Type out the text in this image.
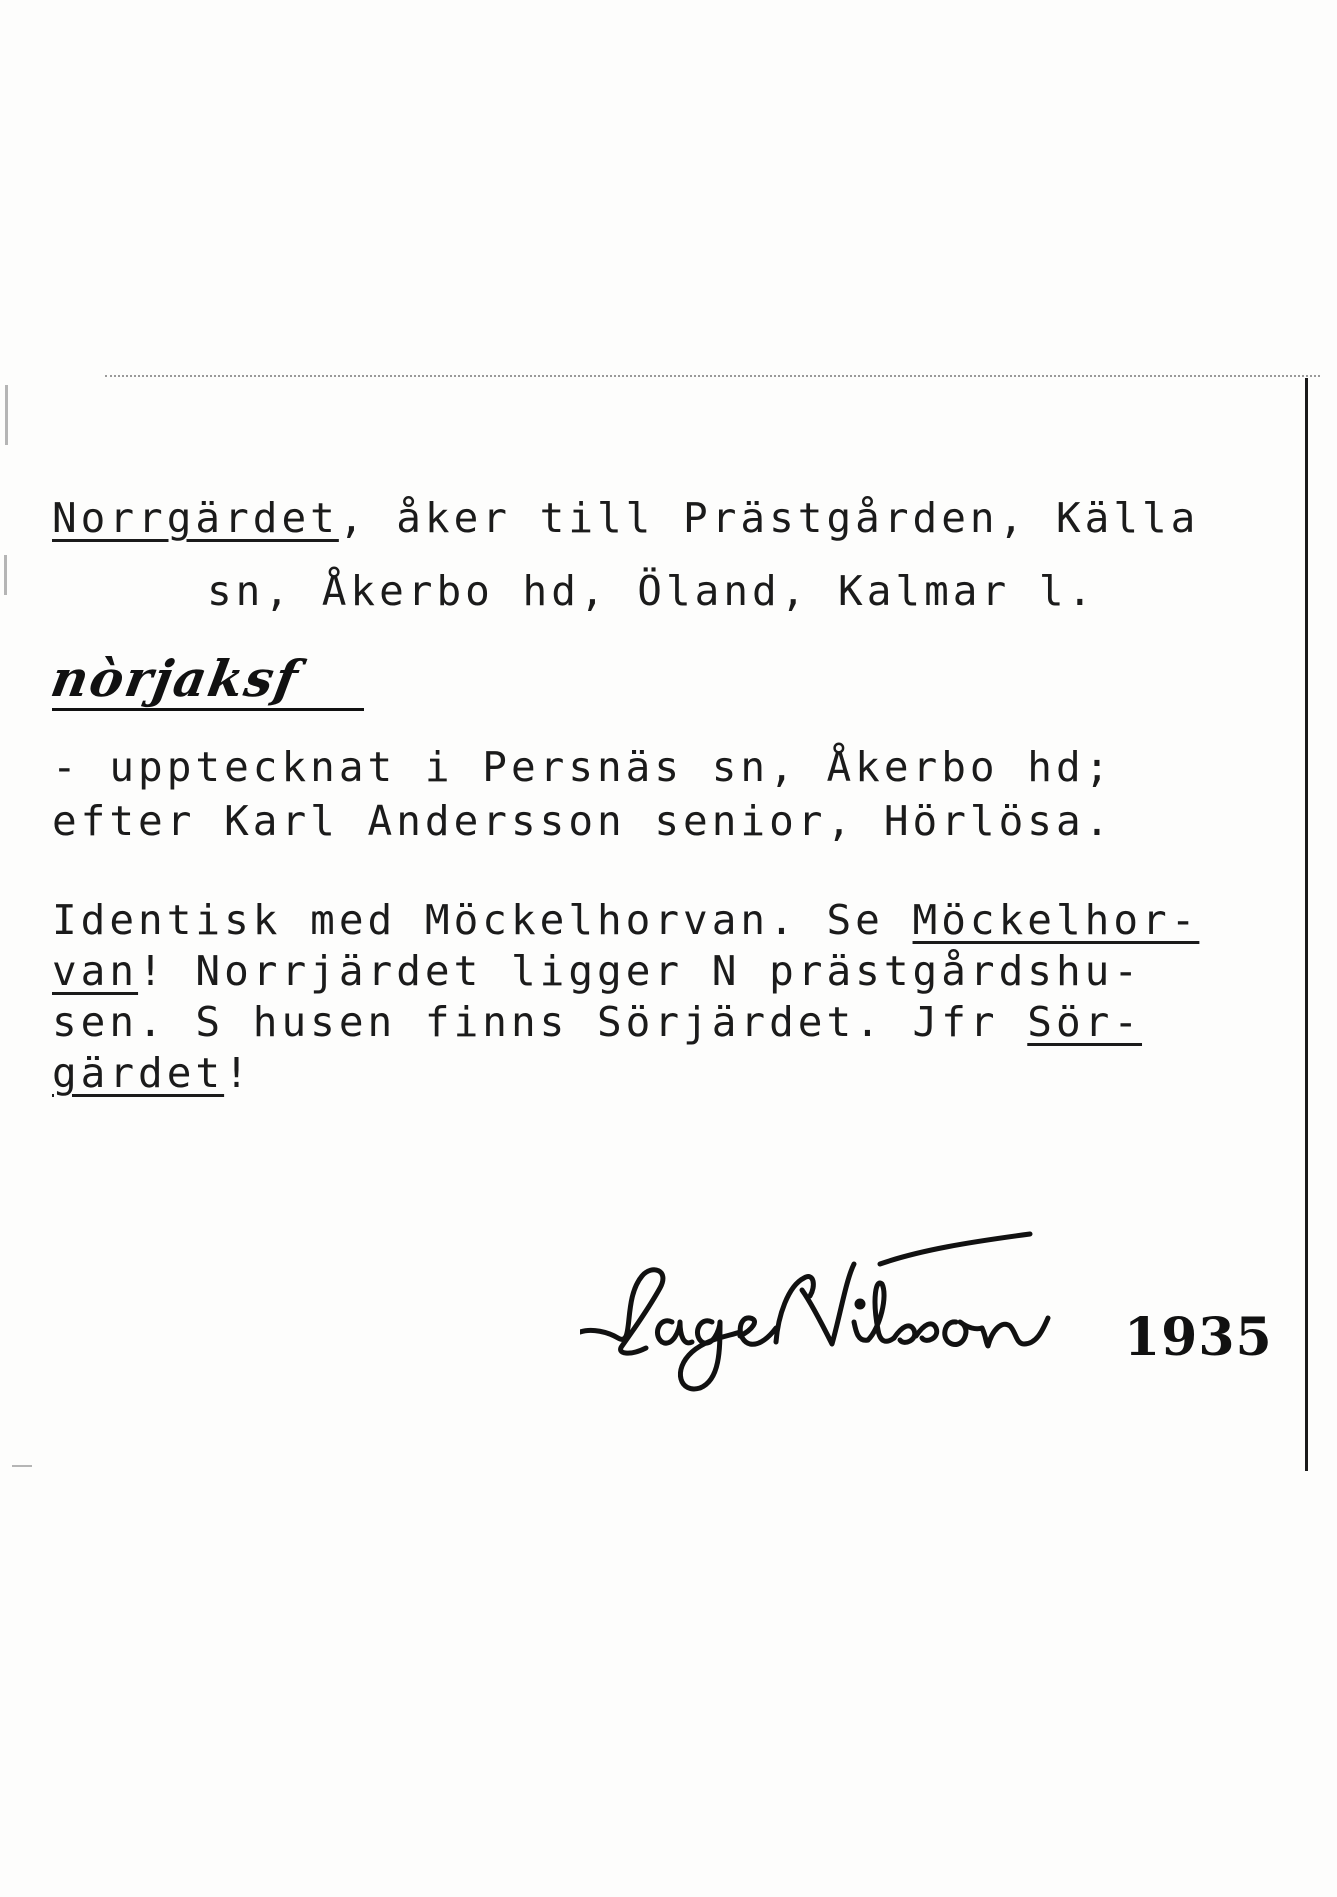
Norrgärdet, åker till Prästgården, Källa
sn, Åkerbo hd, Öland, Kalmar l.
nòrjaksf
- upptecknat i Persnäs sn, Åkerbo hd;
efter Karl Andersson senior, Hörlösa.
Identisk med Möckelhorvan. Se Möckelhor-
van! Norrjärdet ligger N prästgårdshu-
sen. S husen finns Sörjärdet. Jfr Sör-
gärdet!
1935
